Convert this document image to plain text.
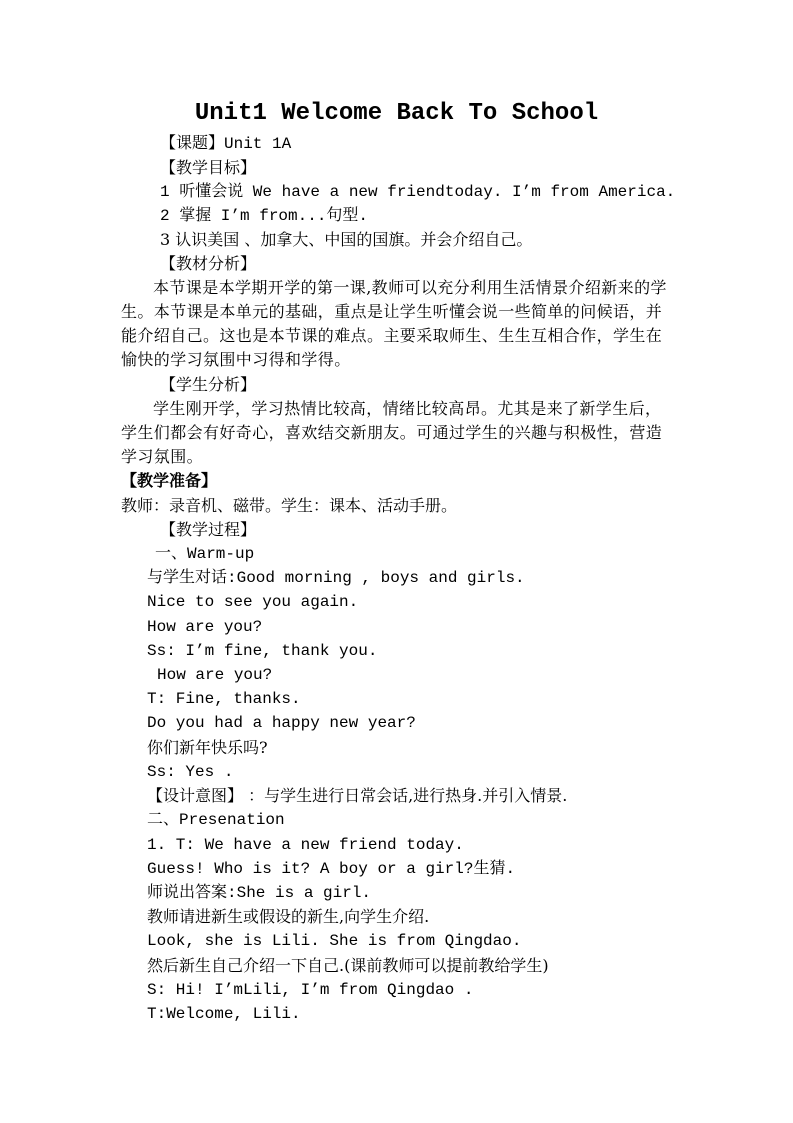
Unit1 Welcome Back To School
【课题】Unit 1A
【教学目标】
1 听懂会说 We have a new friendtoday. I’m from America.
2 掌握 I’m from...句型.
3 认识美国 、加拿大、中国的国旗。并会介绍自己。
【教材分析】
本节课是本学期开学的第一课,教师可以充分利用生活情景介绍新来的学生。本节课是本单元的基础，重点是让学生听懂会说一些简单的问候语，并能介绍自己。这也是本节课的难点。主要采取师生、生生互相合作，学生在愉快的学习氛围中习得和学得。
【学生分析】
学生刚开学，学习热情比较高，情绪比较高昂。尤其是来了新学生后，学生们都会有好奇心，喜欢结交新朋友。可通过学生的兴趣与积极性，营造学习氛围。
【教学准备】
教师：录音机、磁带。学生：课本、活动手册。
【教学过程】
一、Warm-up
与学生对话:Good morning , boys and girls.
Nice to see you again.
How are you?
Ss: I’m fine, thank you.
How are you?
T: Fine, thanks.
Do you had a happy new year?
你们新年快乐吗?
Ss: Yes .
【设计意图】 ：与学生进行日常会话,进行热身.并引入情景.
二、Presenation
1. T: We have a new friend today.
Guess! Who is it? A boy or a girl?生猜.
师说出答案:She is a girl.
教师请进新生或假设的新生,向学生介绍.
Look, she is Lili. She is from Qingdao.
然后新生自己介绍一下自己.(课前教师可以提前教给学生)
S: Hi! I’mLili, I’m from Qingdao .
T:Welcome, Lili.
